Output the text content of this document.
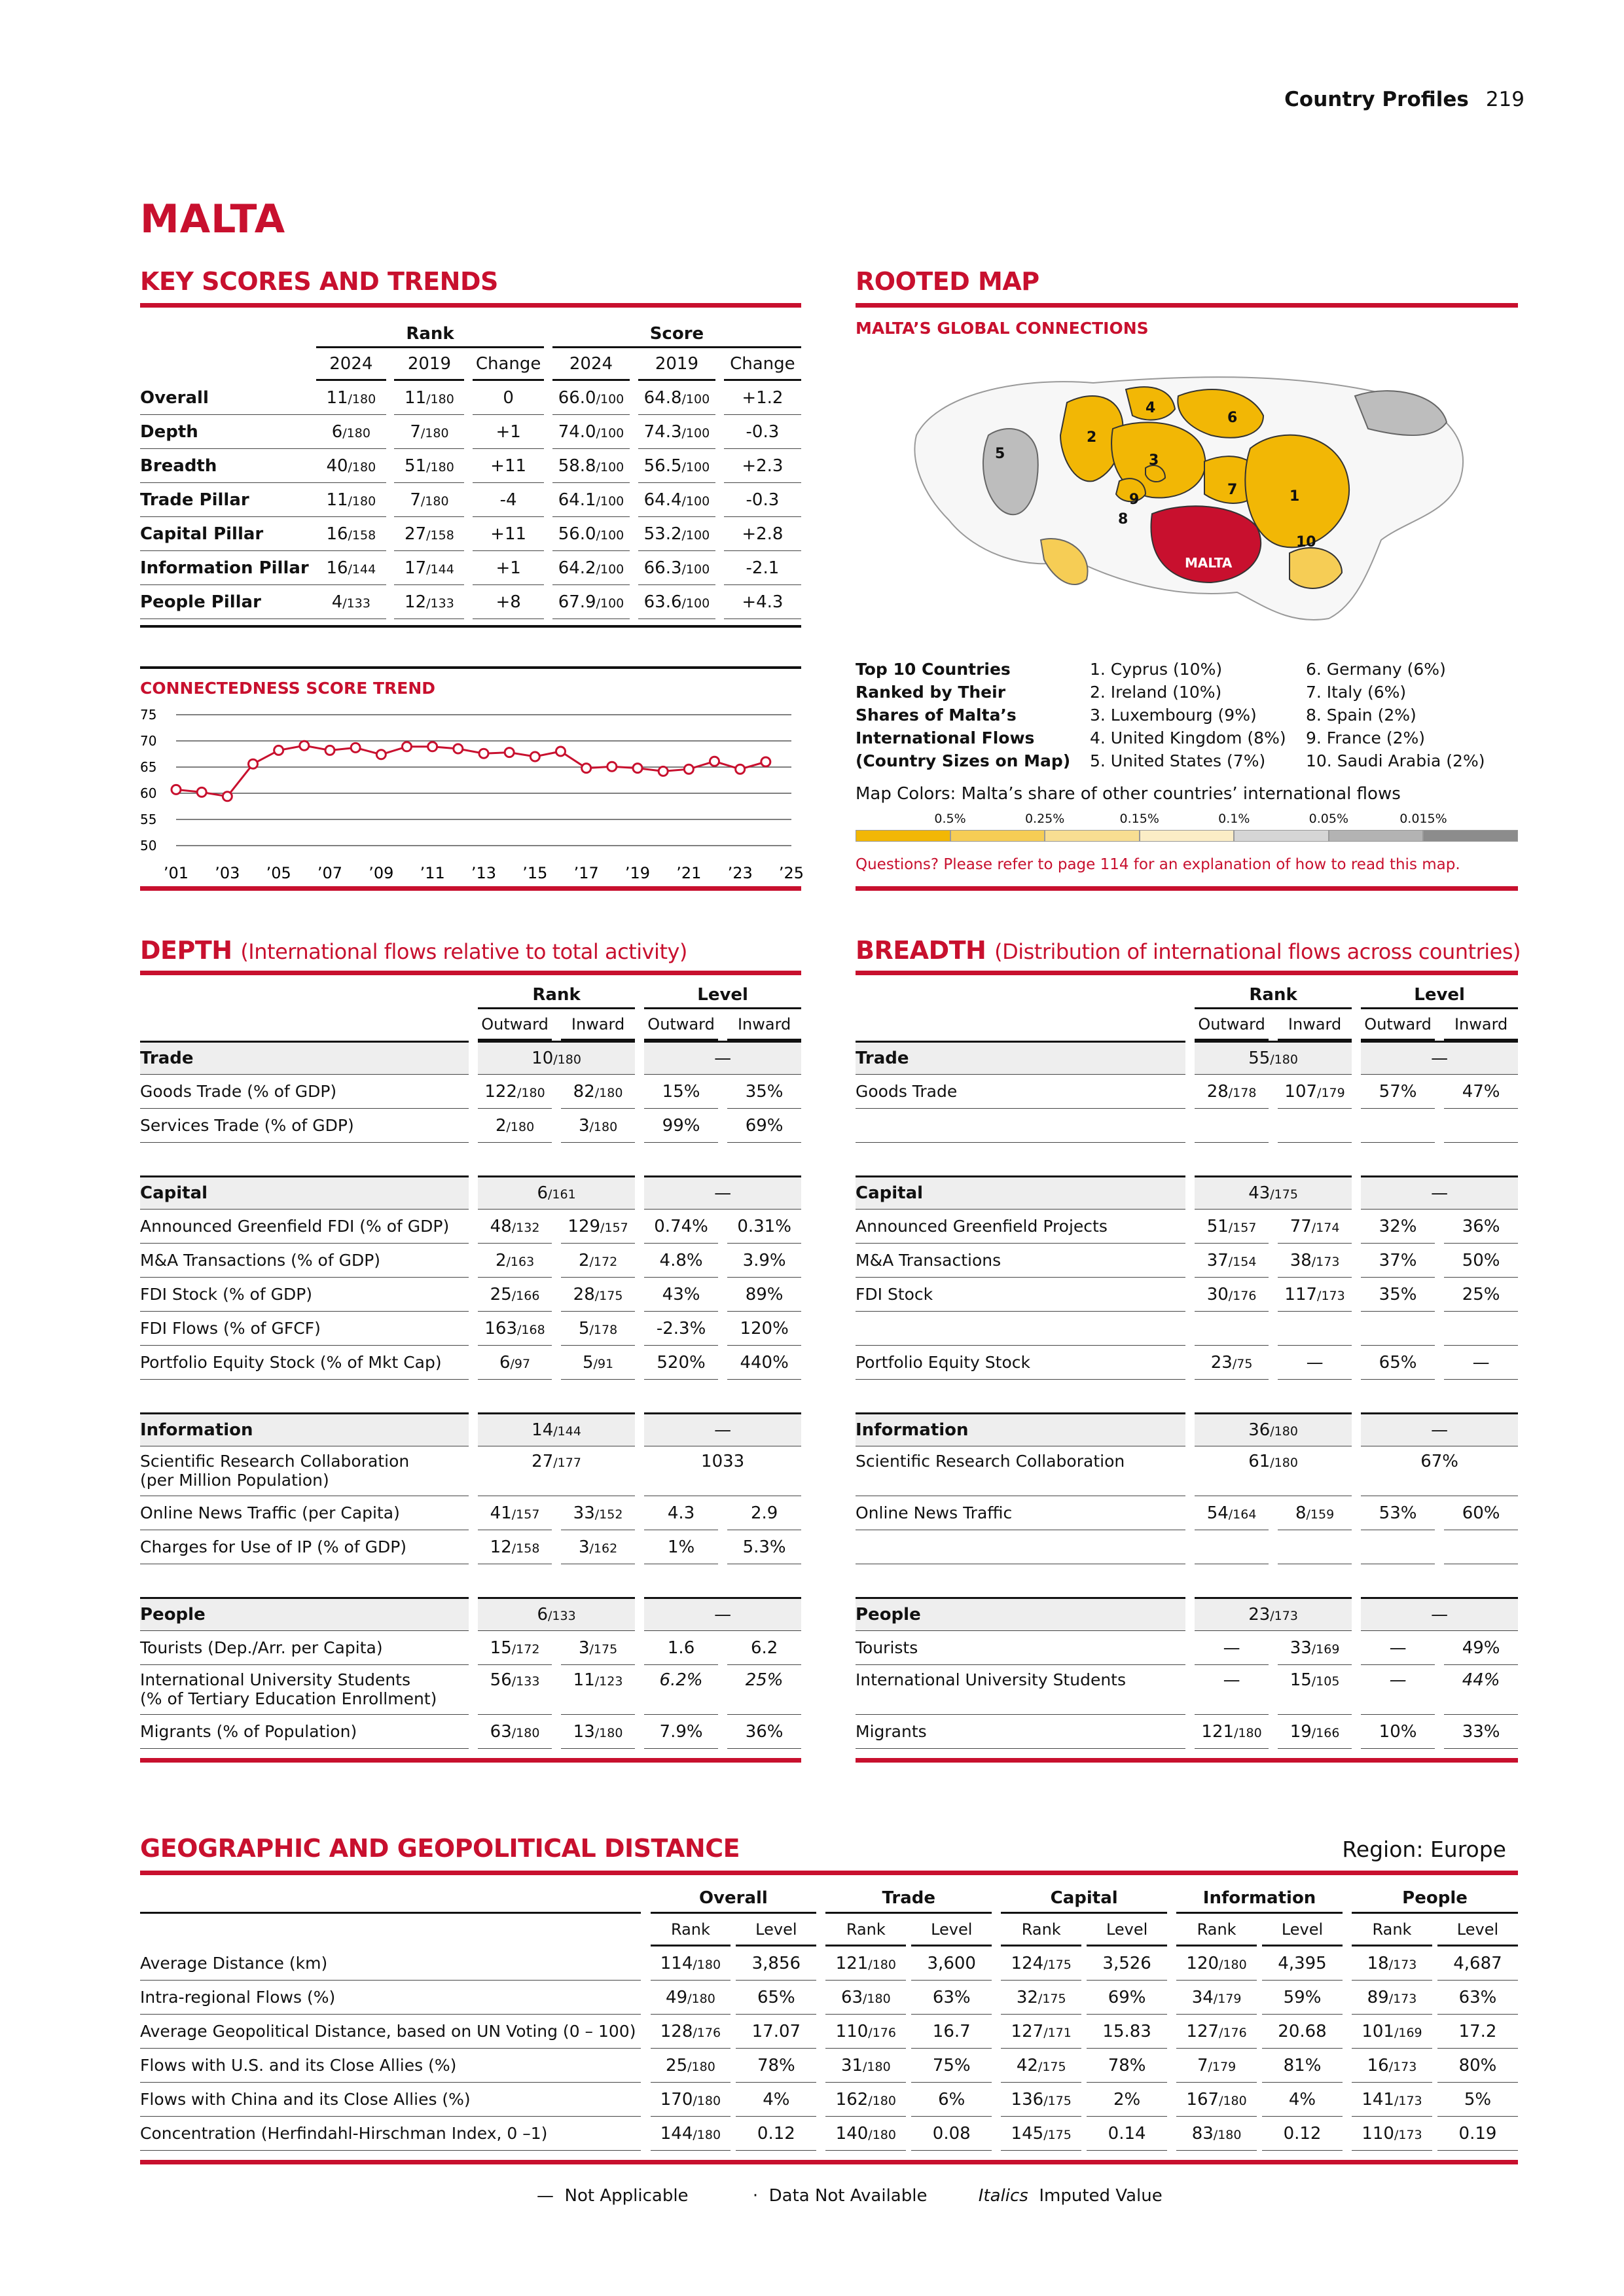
Country Profiles 219
MALTA
KEY SCORES AND TRENDS
	Rank						Score				
	2024		2019		Change		2024		2019		Change
Overall	11/180		11/180		0		66.0/100		64.8/100		+1.2
Depth	6/180		7/180		+1		74.0/100		74.3/100		-0.3
Breadth	40/180		51/180		+11		58.8/100		56.5/100		+2.3
Trade Pillar	11/180		7/180		-4		64.1/100		64.4/100		-0.3
Capital Pillar	16/158		27/158		+11		56.0/100		53.2/100		+2.8
Information Pillar	16/144		17/144		+1		64.2/100		66.3/100		-2.1
People Pillar	4/133		12/133		+8		67.9/100		63.6/100		+4.3
CONNECTEDNESS SCORE TREND
75
70
65
60
55
50
’01 ’03 ’05 ’07 ’09 ’11 ’13 ’15 ’17 ’19 ’21 ’23 ’25
ROOTED MAP
MALTA’S GLOBAL CONNECTIONS
1
2
3
4
5
6
7
8
9
10
MALTA
Top 10 Countries
Ranked by Their
Shares of Malta’s
International Flows
(Country Sizes on Map)
1. Cyprus (10%)
2. Ireland (10%)
3. Luxembourg (9%)
4. United Kingdom (8%)
5. United States (7%)
6. Germany (6%)
7. Italy (6%)
8. Spain (2%)
9. France (2%)
10. Saudi Arabia (2%)
Map Colors: Malta’s share of other countries’ international flows
0.5%	0.25%	0.15%	0.1%	0.05%	0.015%
Questions? Please refer to page 114 for an explanation of how to read this map.
DEPTH (International flows relative to total activity)
		Rank				Level		
		Outward		Inward		Outward		Inward
Trade		10/180				—		

Goods Trade (% of GDP)		122/180		82/180		15%		35%

Services Trade (% of GDP)		2/180		3/180		99%		69%

Capital		6/161				—		

Announced Greenfield FDI (% of GDP)		48/132		129/157		0.74%		0.31%

M&A Transactions (% of GDP)		2/163		2/172		4.8%		3.9%

FDI Stock (% of GDP)		25/166		28/175		43%		89%

FDI Flows (% of GFCF)		163/168		5/178		-2.3%		120%

Portfolio Equity Stock (% of Mkt Cap)		6/97		5/91		520%		440%

Information		14/144				—		

Scientific Research Collaboration
(per Million Population)		27/177				1033		

Online News Traffic (per Capita)		41/157		33/152		4.3		2.9

Charges for Use of IP (% of GDP)		12/158		3/162		1%		5.3%

People		6/133				—		

Tourists (Dep./Arr. per Capita)		15/172		3/175		1.6		6.2

International University Students
(% of Tertiary Education Enrollment)		56/133		11/123		6.2%		25%

Migrants (% of Population)		63/180		13/180		7.9%		36%
BREADTH (Distribution of international flows across countries)
		Rank				Level		
		Outward		Inward		Outward		Inward
Trade		55/180				—		

Goods Trade		28/178		107/179		57%		47%

Capital		43/175				—		

Announced Greenfield Projects		51/157		77/174		32%		36%

M&A Transactions		37/154		38/173		37%		50%

FDI Stock		30/176		117/173		35%		25%

Portfolio Equity Stock		23/75		—		65%		—

Information		36/180				—		

Scientific Research Collaboration		61/180				67%		

Online News Traffic		54/164		8/159		53%		60%

People		23/173				—		

Tourists		—		33/169		—		49%

International University Students		—		15/105		—		44%

Migrants		121/180		19/166		10%		33%
GEOGRAPHIC AND GEOPOLITICAL DISTANCE	Region: Europe
		Overall				Trade				Capital				Information				People		
		Rank		Level		Rank		Level		Rank		Level		Rank		Level		Rank		Level
Average Distance (km)		114/180		3,856		121/180		3,600		124/175		3,526		120/180		4,395		18/173		4,687
Intra-regional Flows (%)		49/180		65%		63/180		63%		32/175		69%		34/179		59%		89/173		63%
Average Geopolitical Distance, based on UN Voting (0 – 100)		128/176		17.07		110/176		16.7		127/171		15.83		127/176		20.68		101/169		17.2
Flows with U.S. and its Close Allies (%)		25/180		78%		31/180		75%		42/175		78%		7/179		81%		16/173		80%
Flows with China and its Close Allies (%)		170/180		4%		162/180		6%		136/175		2%		167/180		4%		141/173		5%
Concentration (Herfindahl-Hirschman Index, 0 –1)		144/180		0.12		140/180		0.08		145/175		0.14		83/180		0.12		110/173		0.19
— Not Applicable	· Data Not Available	Italics Imputed Value
